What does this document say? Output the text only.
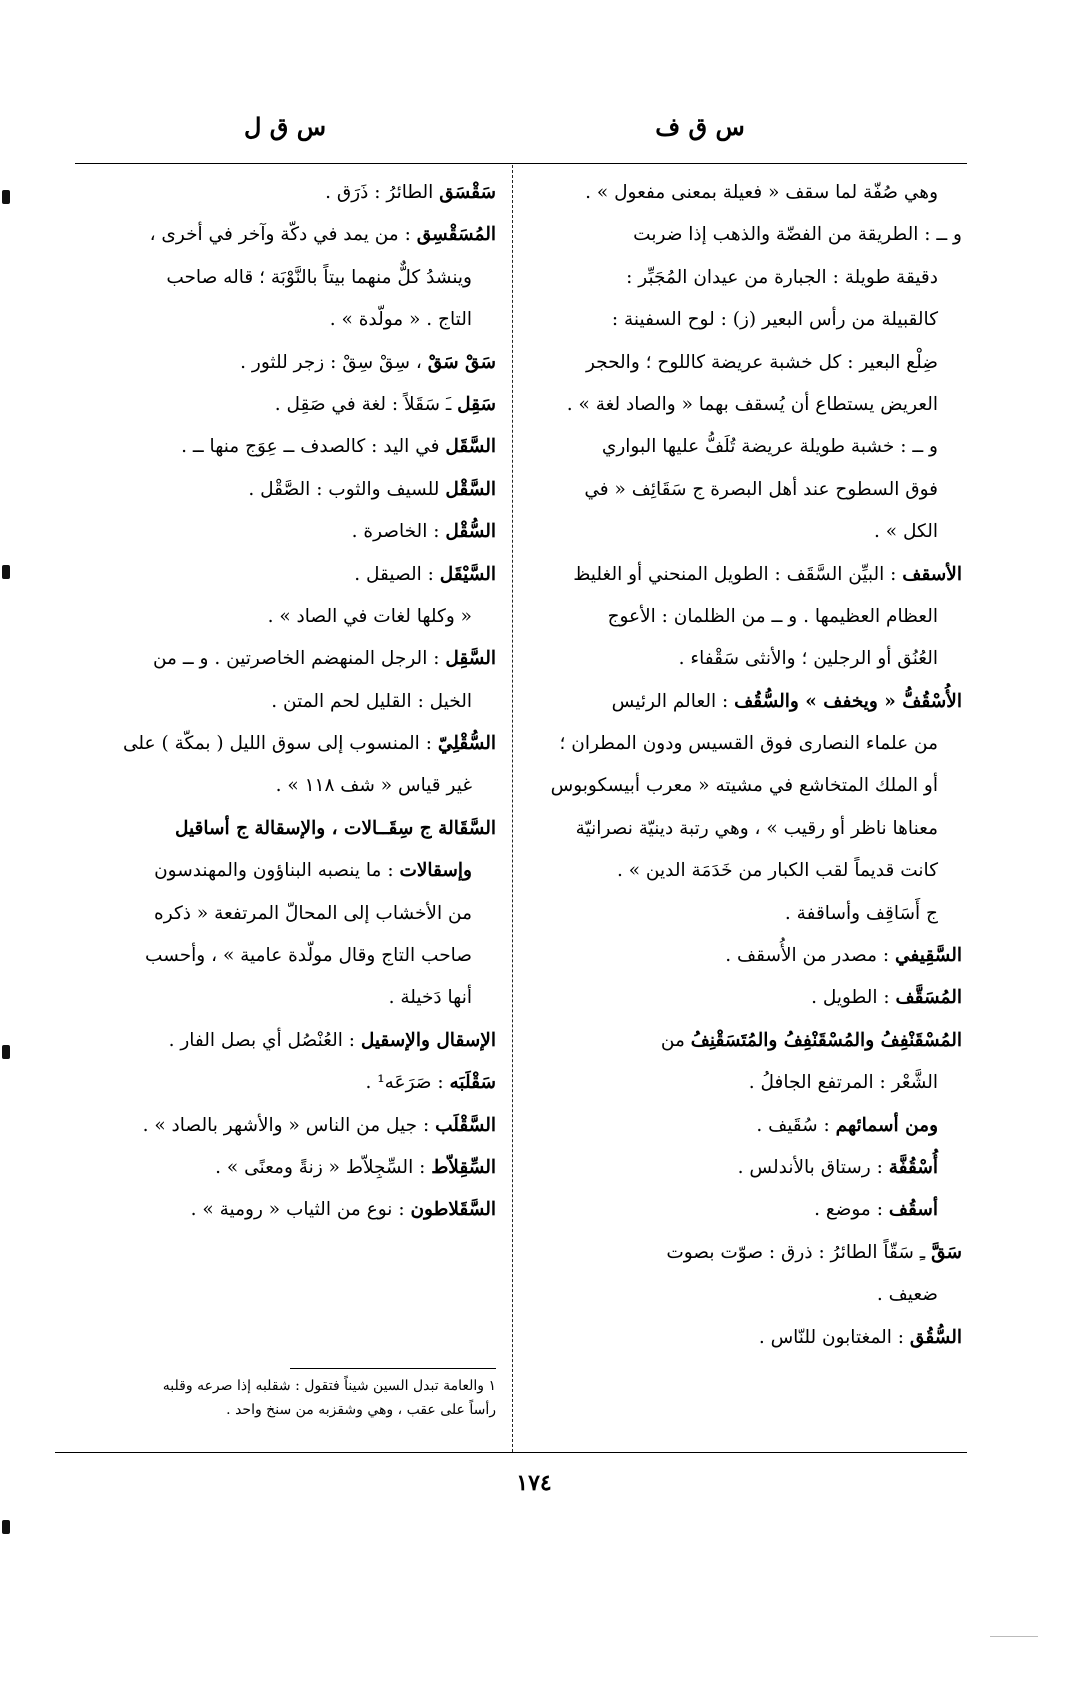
س ق ف
س ق ل
وهي صُفّة لما سقف « فعيلة بمعنى مفعول » .
و ــ : الطريقة من الفضّة والذهب إذا ضربت
دقيقة طويلة : الجبارة من عيدان المُجَبِّر :
كالقبيلة من رأس البعير (ز) : لوح السفينة :
ضِلْع البعير : كل خشبة عريضة كاللوح ؛ والحجر
العريض يستطاع أن يُسقف بهما « والصاد لغة » .
و ــ : خشبة طويلة عريضة تُلَفُّ عليها البواري
فوق السطوح عند أهل البصرة ج سَقَائِف « في
الكل » .
الأسقف : البيِّن السَّقَف : الطويل المنحني أو الغليظ
العظام العظيمها . و ــ من الظلمان : الأعوج
العُنُق أو الرجلين ؛ والأنثى سَقْفاء .
الأُسْقُفُّ « ويخفف » والسُّقُف : العالم الرئيس
من علماء النصارى فوق القسيس ودون المطران ؛
أو الملك المتخاشع في مشيته « معرب أبيسكوبوس
معناها ناظر أو رقيب » ، وهي رتبة دينيّة نصرانيّة
كانت قديماً لقب الكبار من خَدَمَة الدين » .
ج أَسَاقِف وأساقفة .
السَّقِيفي : مصدر من الأُسقف .
المُسَقَّف : الطويل .
المُسْقَنْفِفُ والمُسْقَنْفِفُ والمُتَسَقْنِفُ من
الشَّعْر : المرتفع الجافلُ .
ومن أسمائهم : سُقَيف .
أُسْقُفَّة : رستاق بالأندلس .
أسقُف : موضع .
سَقَّ ـِ سَقّاً الطائرُ : ذرق : صوّت بصوت
ضعيف .
السُّقُق : المغتابون للنّاس .
سَقْسَق الطائرُ : ذَرَق .
المُسَقْسِق : من يمد في دكّة وآخر في أخرى ،
وينشدُ كلٌّ منهما بيتاً بالنَّوْبَة ؛ قاله صاحب
التاج . « مولّدة » .
سَقْ سَقْ ، سِقْ سِقْ : زجر للثور .
سَقِل ـَ سَقَلاً : لغة في صَقِل .
السَّقَل في اليد : كالصدف ــ عِوَج منها ــ .
السَّقْل للسيف والثوب : الصَّقْل .
السُّقْل : الخاصرة .
السَّيْقَل : الصيقل .
« وكلها لغات في الصاد » .
السَّقِل : الرجل المنهضم الخاصرتين . و ــ من
الخيل : القليل لحم المتن .
السُّقْلِيّ : المنسوب إلى سوق الليل ( بمكّة ) على
غير قياس « شف ١١٨ » .
السَّقَالة ج سِقَــالات ، والإسقالة ج أساقيل
وإسقالات : ما ينصبه البناؤون والمهندسون
من الأخشاب إلى المحالّ المرتفعة « ذكره
صاحب التاج وقال مولّدة عامية » ، وأحسب
أنها دَخيلة .
الإسقال والإسقيل : العُنْصُل أي بصل الفار .
سَقْلَبَه : صَرَعَه¹ .
السَّقْلَب : جيل من الناس « والأشهر بالصاد » .
السِّقِلاّط : السِّجِلاّط « زنةً ومعنًى » .
السَّقَلاطون : نوع من الثياب « رومية » .
١ والعامة تبدل السين شيناً فتقول : شقلبه إذا صرعه وقلبه
رأساً على عقب ، وهي وشقزبه من سنخ واحد .
١٧٤
